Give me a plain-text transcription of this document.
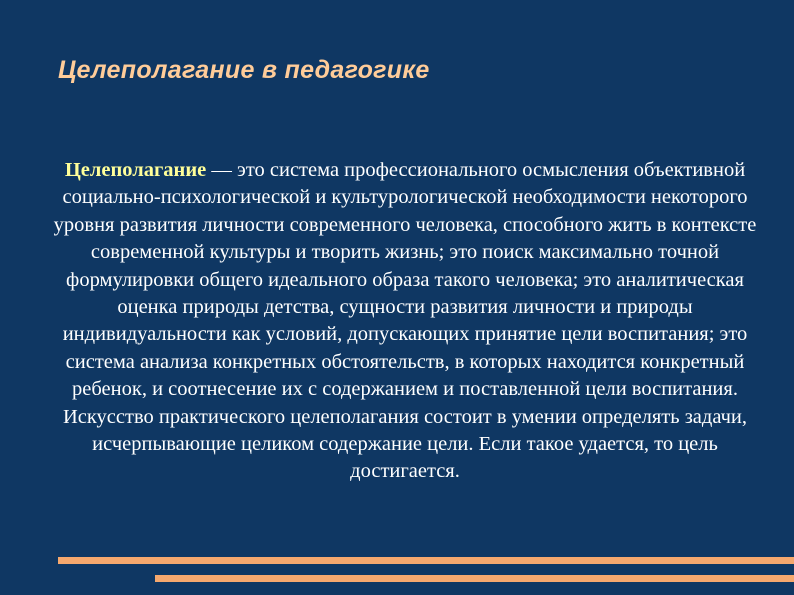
Целеполагание в педагогике

Целеполагание — это система профессионального осмысления объективной социально-психологической и культурологической необходимости некоторого уровня развития личности современного человека, способного жить в контексте современной культуры и творить жизнь; это поиск максимально точной формулировки общего идеального образа такого человека; это аналитическая оценка природы детства, сущности развития личности и природы индивидуальности как условий, допускающих принятие цели воспитания; это система анализа конкретных обстоятельств, в которых находится конкретный ребенок, и соотнесение их с содержанием и поставленной цели воспитания. Искусство практического целеполагания состоит в умении определять задачи, исчерпывающие целиком содержание цели. Если такое удается, то цель достигается.
